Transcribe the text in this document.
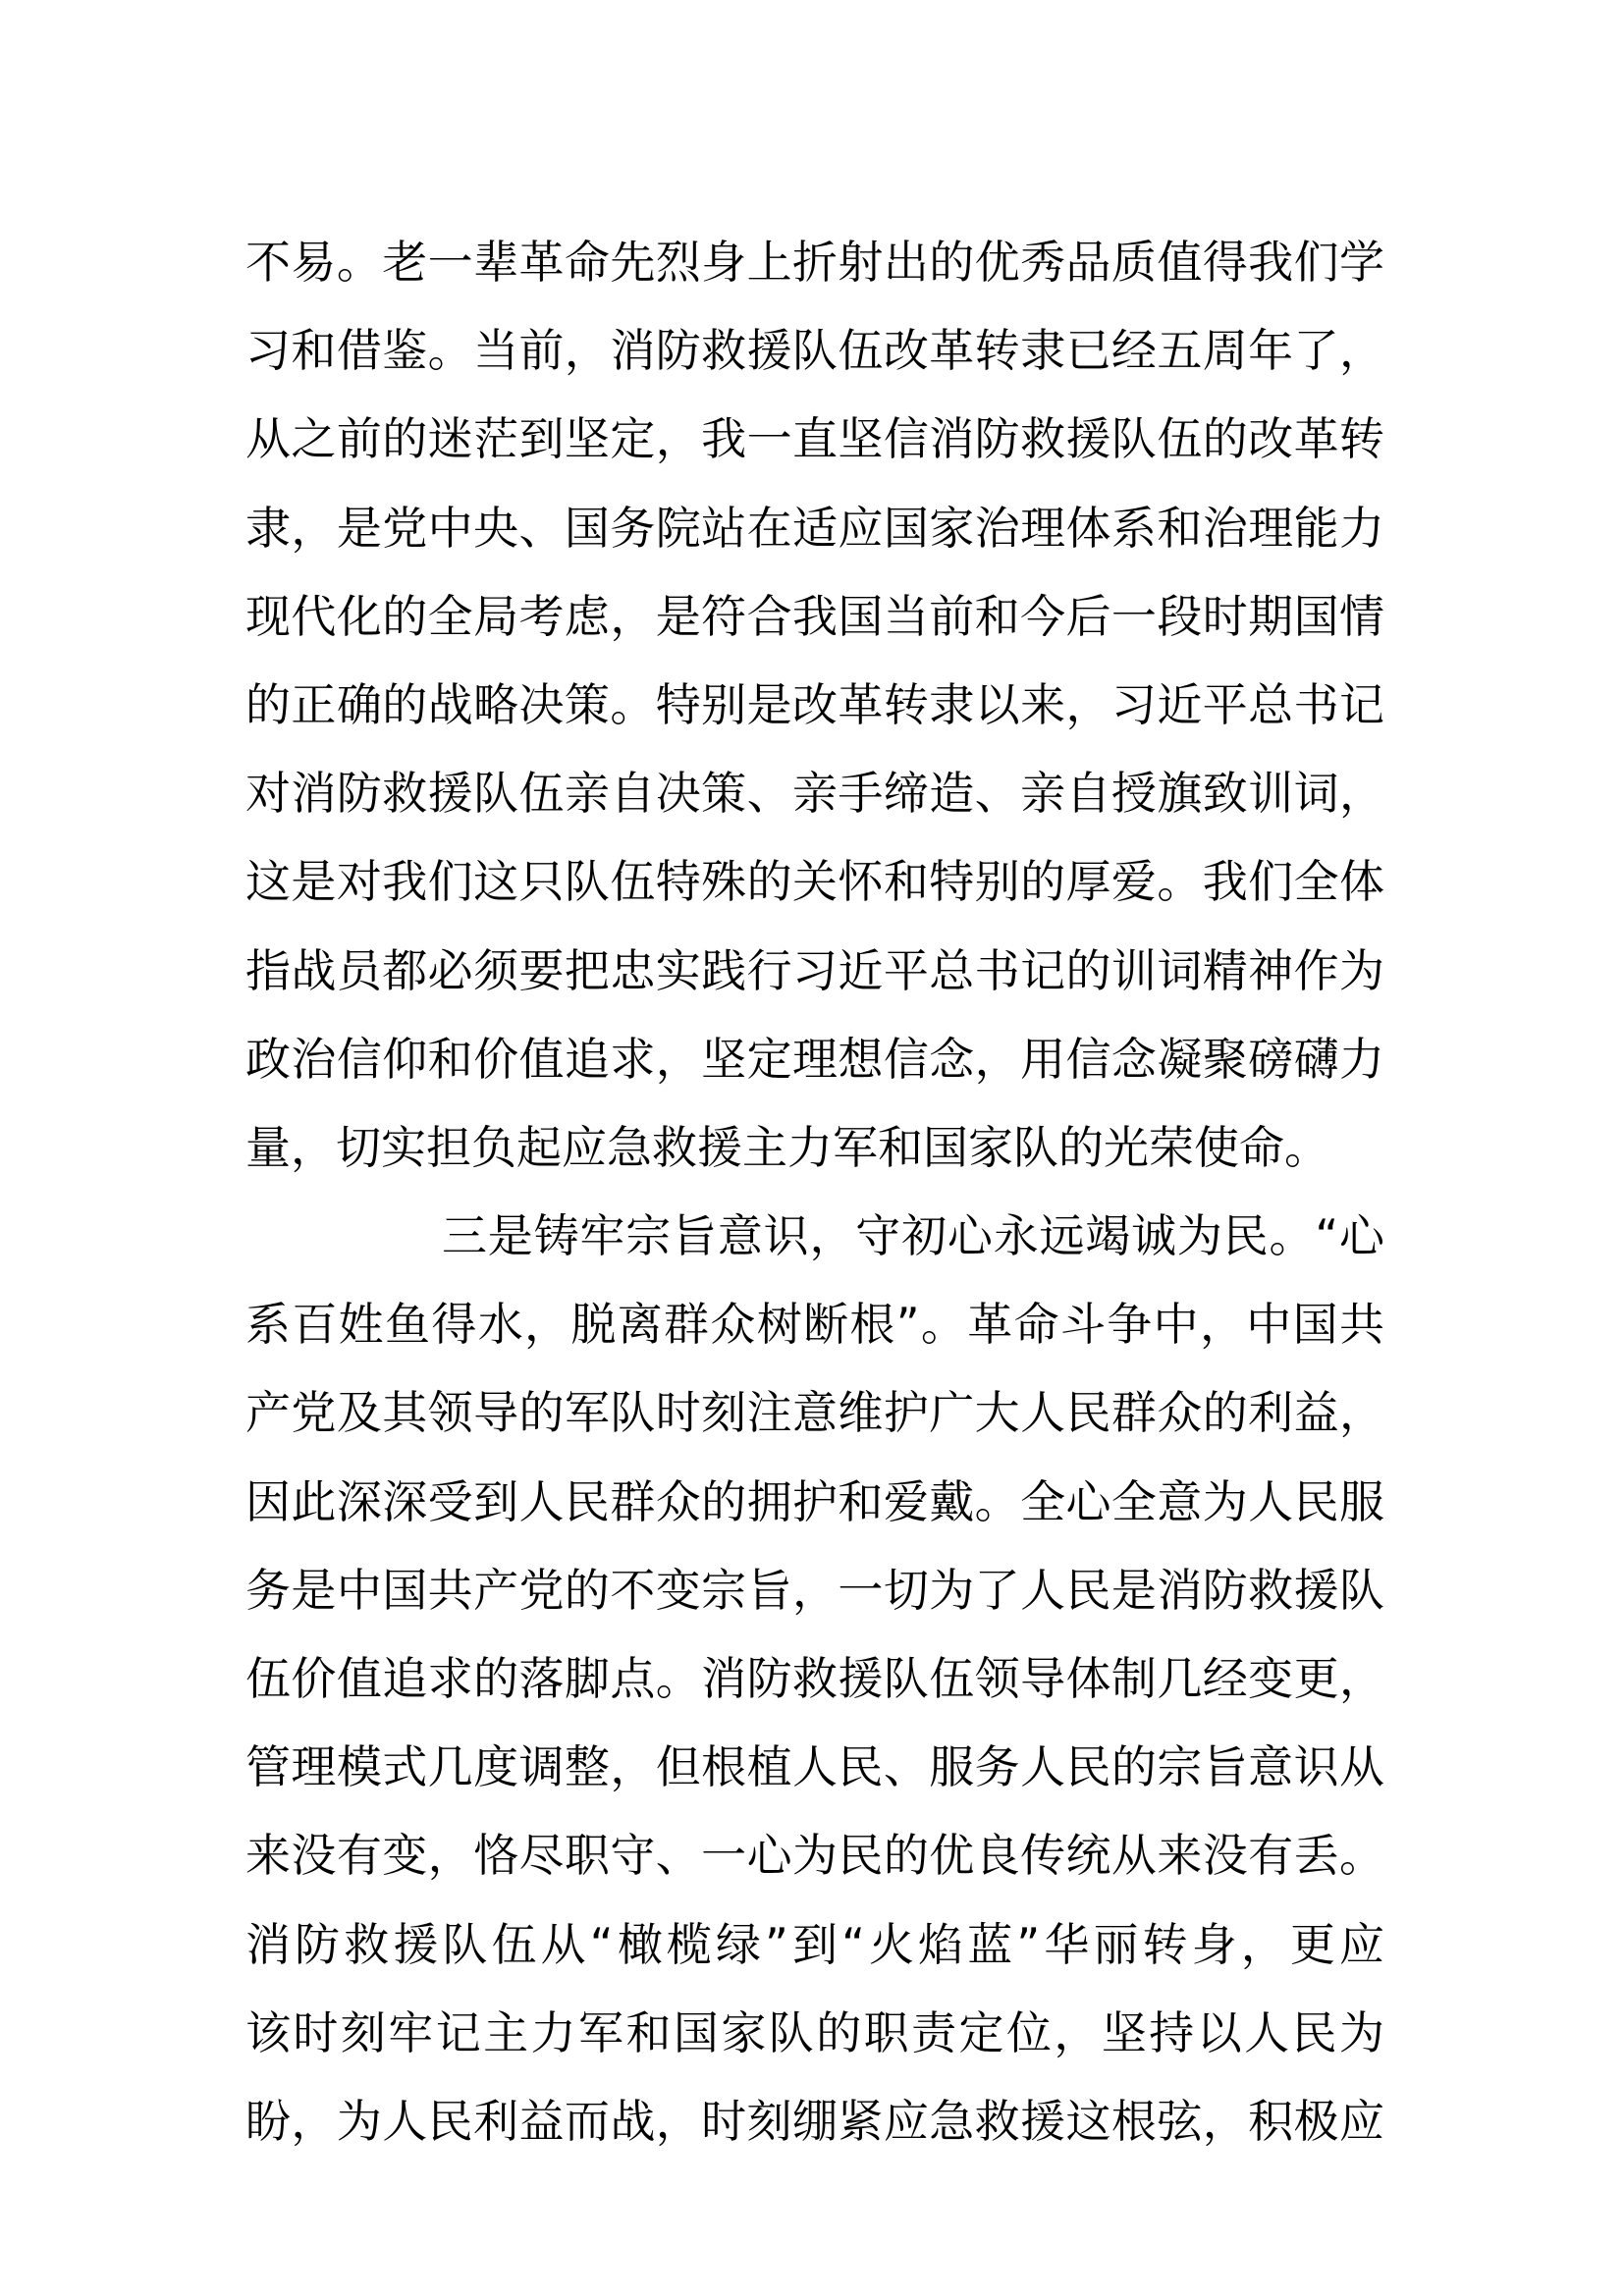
不易。老一辈革命先烈身上折射出的优秀品质值得我们学
习和借鉴。当前，消防救援队伍改革转隶已经五周年了，
从之前的迷茫到坚定，我一直坚信消防救援队伍的改革转
隶，是党中央、国务院站在适应国家治理体系和治理能力
现代化的全局考虑，是符合我国当前和今后一段时期国情
的正确的战略决策。特别是改革转隶以来，习近平总书记
对消防救援队伍亲自决策、亲手缔造、亲自授旗致训词，
这是对我们这只队伍特殊的关怀和特别的厚爱。我们全体
指战员都必须要把忠实践行习近平总书记的训词精神作为
政治信仰和价值追求，坚定理想信念，用信念凝聚磅礴力
量，切实担负起应急救援主力军和国家队的光荣使命。
三是铸牢宗旨意识，守初心永远竭诚为民。“心
系百姓鱼得水，脱离群众树断根”。革命斗争中，中国共
产党及其领导的军队时刻注意维护广大人民群众的利益，
因此深深受到人民群众的拥护和爱戴。全心全意为人民服
务是中国共产党的不变宗旨，一切为了人民是消防救援队
伍价值追求的落脚点。消防救援队伍领导体制几经变更，
管理模式几度调整，但根植人民、服务人民的宗旨意识从
来没有变，恪尽职守、一心为民的优良传统从来没有丢。
消防救援队伍从“橄榄绿”到“火焰蓝”华丽转身，更应
该时刻牢记主力军和国家队的职责定位，坚持以人民为
盼，为人民利益而战，时刻绷紧应急救援这根弦，积极应
